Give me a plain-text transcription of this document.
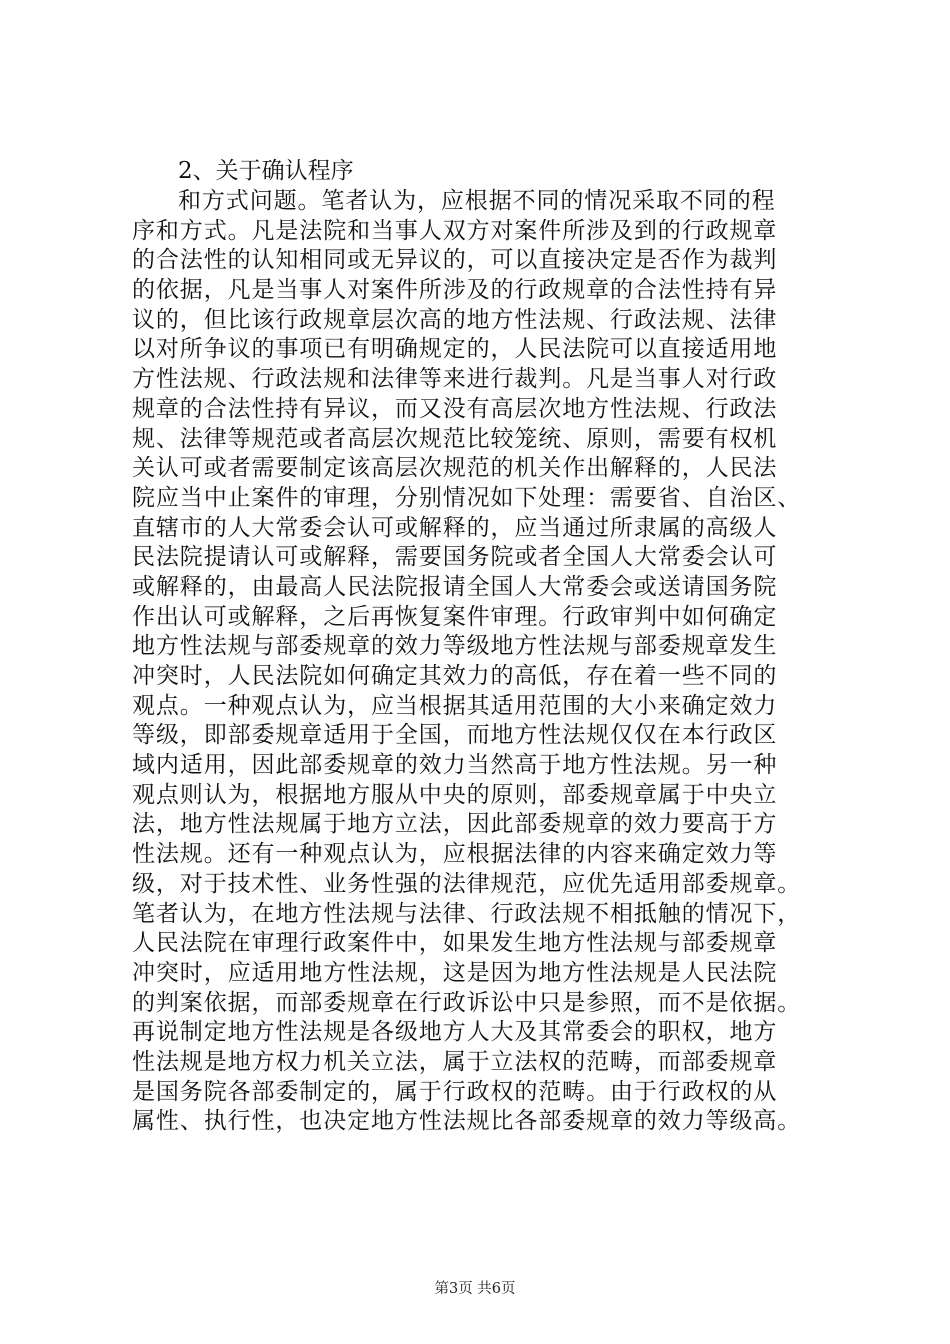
2、关于确认程序
和方式问题。笔者认为，应根据不同的情况采取不同的程
序和方式。凡是法院和当事人双方对案件所涉及到的行政规章
的合法性的认知相同或无异议的，可以直接决定是否作为裁判
的依据，凡是当事人对案件所涉及的行政规章的合法性持有异
议的，但比该行政规章层次高的地方性法规、行政法规、法律
以对所争议的事项已有明确规定的，人民法院可以直接适用地
方性法规、行政法规和法律等来进行裁判。凡是当事人对行政
规章的合法性持有异议，而又没有高层次地方性法规、行政法
规、法律等规范或者高层次规范比较笼统、原则，需要有权机
关认可或者需要制定该高层次规范的机关作出解释的，人民法
院应当中止案件的审理，分别情况如下处理：需要省、自治区、
直辖市的人大常委会认可或解释的，应当通过所隶属的高级人
民法院提请认可或解释，需要国务院或者全国人大常委会认可
或解释的，由最高人民法院报请全国人大常委会或送请国务院
作出认可或解释，之后再恢复案件审理。行政审判中如何确定
地方性法规与部委规章的效力等级地方性法规与部委规章发生
冲突时，人民法院如何确定其效力的高低，存在着一些不同的
观点。一种观点认为，应当根据其适用范围的大小来确定效力
等级，即部委规章适用于全国，而地方性法规仅仅在本行政区
域内适用，因此部委规章的效力当然高于地方性法规。另一种
观点则认为，根据地方服从中央的原则，部委规章属于中央立
法，地方性法规属于地方立法，因此部委规章的效力要高于方
性法规。还有一种观点认为，应根据法律的内容来确定效力等
级，对于技术性、业务性强的法律规范，应优先适用部委规章。
笔者认为，在地方性法规与法律、行政法规不相抵触的情况下，
人民法院在审理行政案件中，如果发生地方性法规与部委规章
冲突时，应适用地方性法规，这是因为地方性法规是人民法院
的判案依据，而部委规章在行政诉讼中只是参照，而不是依据。
再说制定地方性法规是各级地方人大及其常委会的职权，地方
性法规是地方权力机关立法，属于立法权的范畴，而部委规章
是国务院各部委制定的，属于行政权的范畴。由于行政权的从
属性、执行性，也决定地方性法规比各部委规章的效力等级高。
第3页 共6页
